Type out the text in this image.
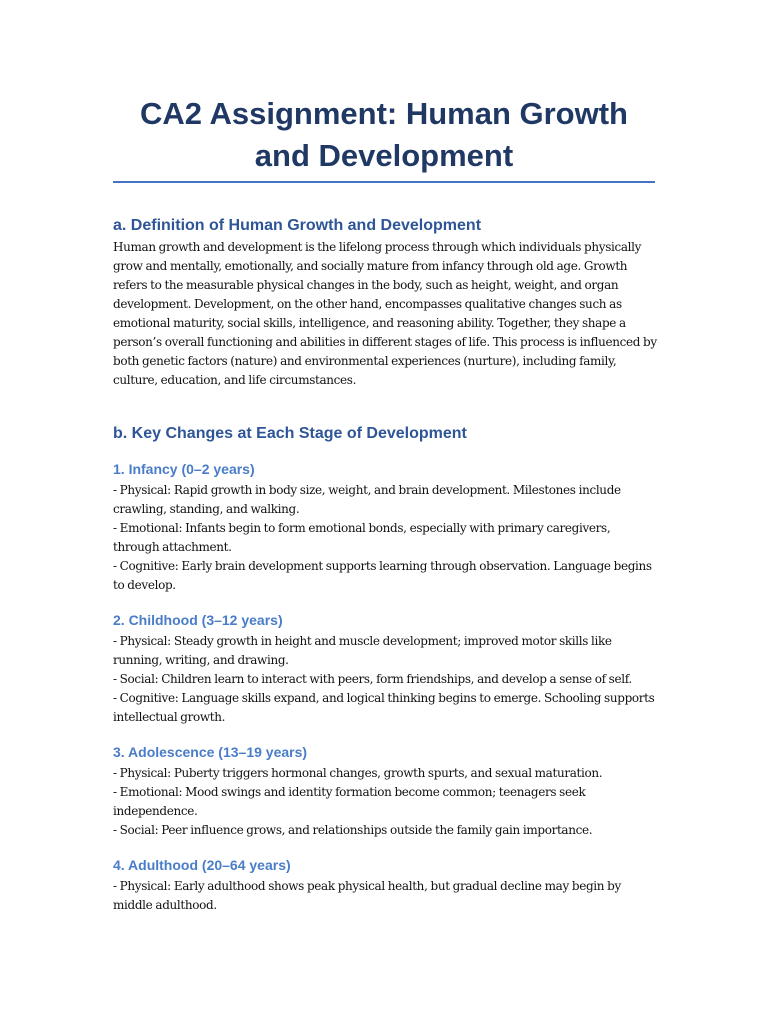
CA2 Assignment: Human Growth and Development
a. Definition of Human Growth and Development

Human growth and development is the lifelong process through which individuals physically grow and mentally, emotionally, and socially mature from infancy through old age. Growth refers to the measurable physical changes in the body, such as height, weight, and organ development. Development, on the other hand, encompasses qualitative changes such as emotional maturity, social skills, intelligence, and reasoning ability. Together, they shape a person’s overall functioning and abilities in different stages of life. This process is influenced by both genetic factors (nature) and environmental experiences (nurture), including family, culture, education, and life circumstances.

b. Key Changes at Each Stage of Development
1. Infancy (0–2 years)

- Physical: Rapid growth in body size, weight, and brain development. Milestones include crawling, standing, and walking.

- Emotional: Infants begin to form emotional bonds, especially with primary caregivers, through attachment.

- Cognitive: Early brain development supports learning through observation. Language begins to develop.

2. Childhood (3–12 years)

- Physical: Steady growth in height and muscle development; improved motor skills like running, writing, and drawing.

- Social: Children learn to interact with peers, form friendships, and develop a sense of self.

- Cognitive: Language skills expand, and logical thinking begins to emerge. Schooling supports intellectual growth.

3. Adolescence (13–19 years)

- Physical: Puberty triggers hormonal changes, growth spurts, and sexual maturation.

- Emotional: Mood swings and identity formation become common; teenagers seek independence.

- Social: Peer influence grows, and relationships outside the family gain importance.

4. Adulthood (20–64 years)

- Physical: Early adulthood shows peak physical health, but gradual decline may begin by middle adulthood.
